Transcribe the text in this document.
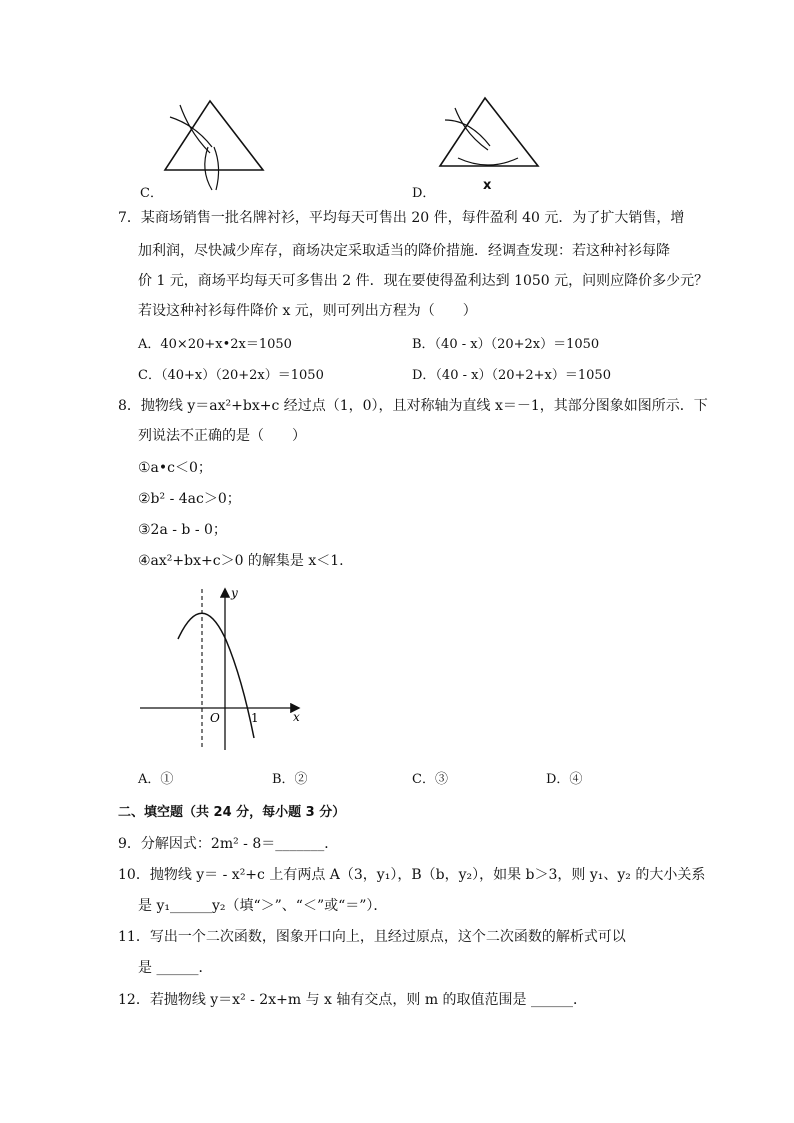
C．
x
D．
7．某商场销售一批名牌衬衫，平均每天可售出 20 件，每件盈利 40 元．为了扩大销售，增
加利润，尽快减少库存，商场决定采取适当的降价措施．经调查发现：若这种衬衫每降
价 1 元，商场平均每天可多售出 2 件．现在要使得盈利达到 1050 元，问则应降价多少元？
若设这种衬衫每件降价 x 元，则可列出方程为（　　）
A．40×20+x•2x＝1050	B．（40 - x）（20+2x）＝1050
C．（40+x）（20+2x）＝1050	D．（40 - x）（20+2+x）＝1050
8．抛物线 y＝ax²+bx+c 经过点（1，0），且对称轴为直线 x＝－1，其部分图象如图所示．下
列说法不正确的是（　　）
①a•c＜0；
②b² - 4ac＞0；
③2a - b - 0；
④ax²+bx+c＞0 的解集是 x＜1.
y
x
O	1
A．①	B．②	C．③	D．④
二、填空题（共 24 分，每小题 3 分）
9．分解因式：2m² - 8＝_______．
10．抛物线 y＝ - x²+c 上有两点 A（3，y₁），B（b，y₂），如果 b＞3，则 y₁、y₂ 的大小关系
是 y₁______y₂（填“＞”、“＜”或“＝”）．
11．写出一个二次函数，图象开口向上，且经过原点，这个二次函数的解析式可以
是 ______．
12．若抛物线 y＝x² - 2x+m 与 x 轴有交点，则 m 的取值范围是 ______．
